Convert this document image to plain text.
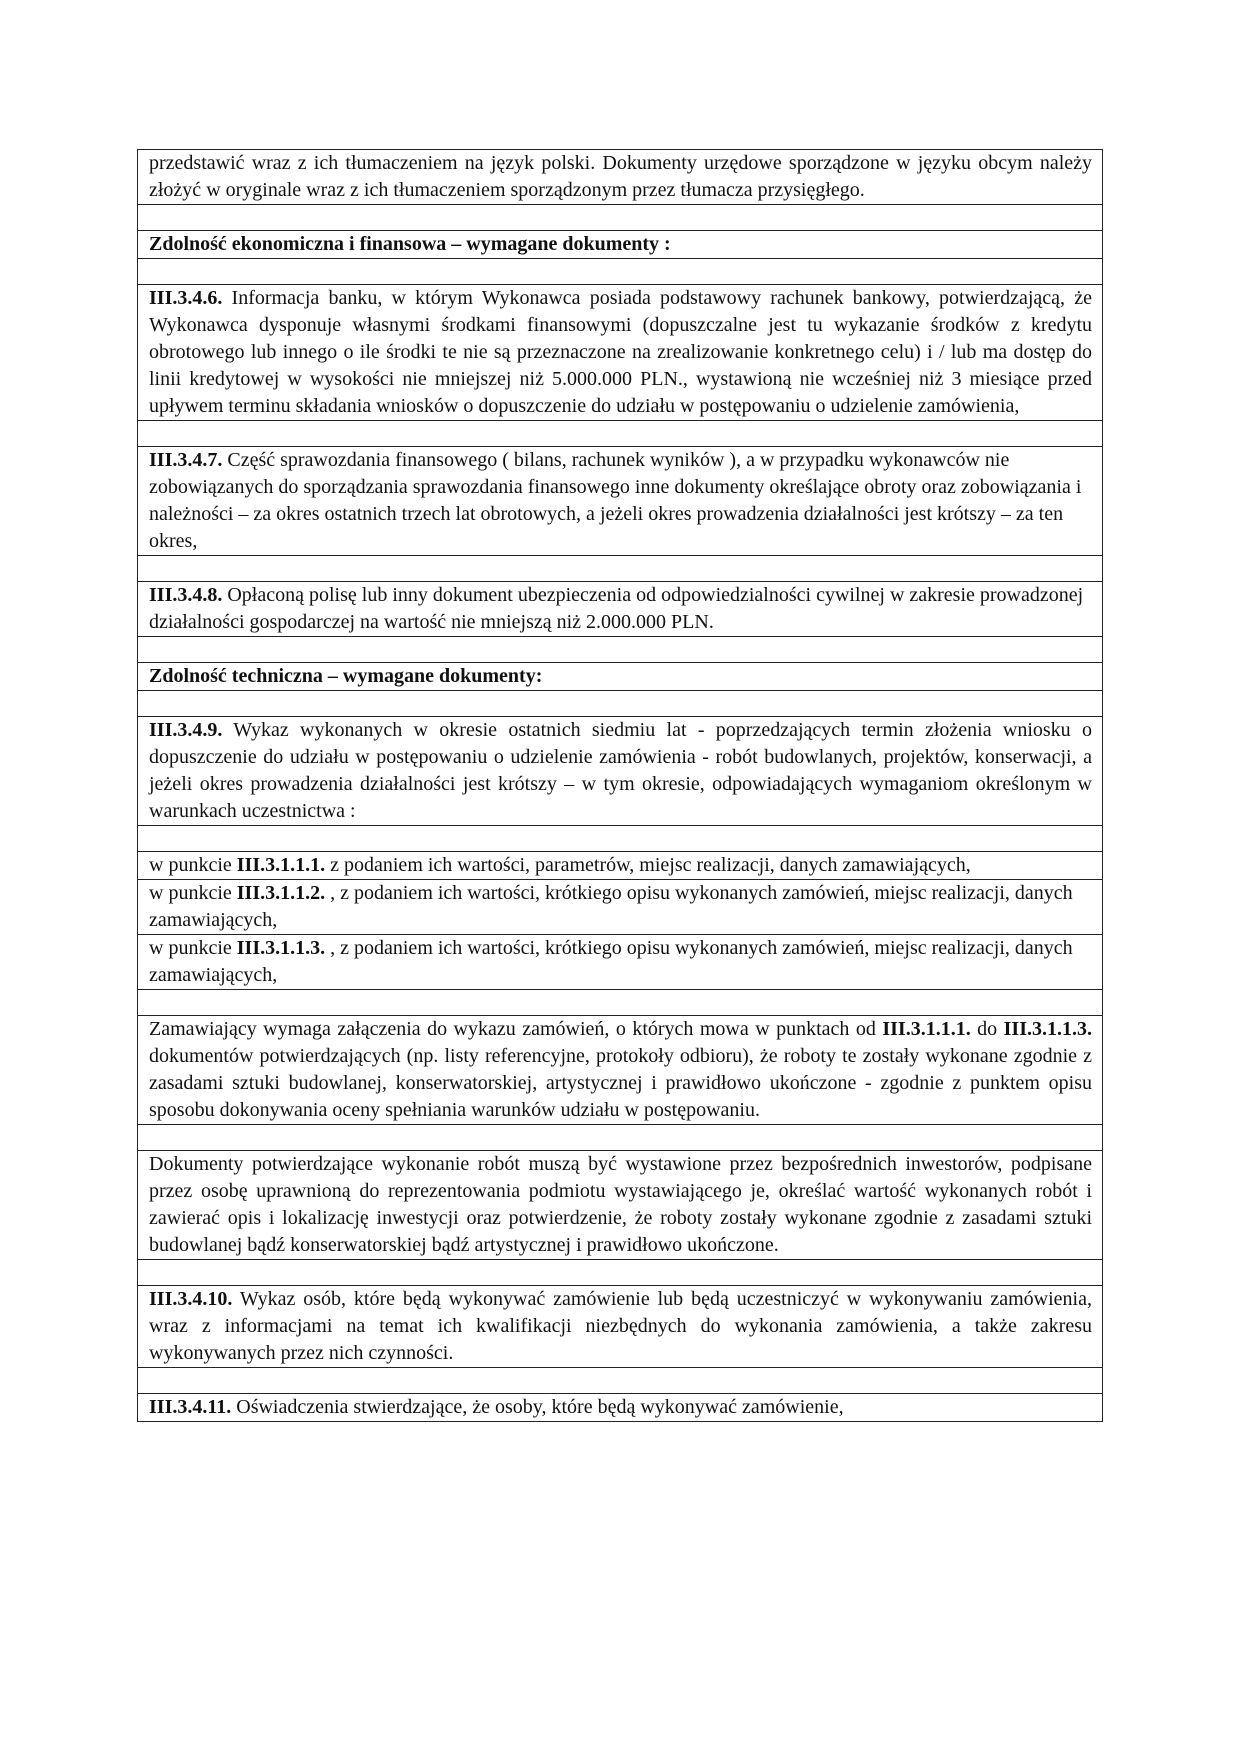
przedstawić wraz z ich tłumaczeniem na język polski. Dokumenty urzędowe sporządzone w języku obcym należy złożyć w oryginale wraz z ich tłumaczeniem sporządzonym przez tłumacza przysięgłego.

Zdolność ekonomiczna i finansowa – wymagane dokumenty :

III.3.4.6. Informacja banku, w którym Wykonawca posiada podstawowy rachunek bankowy, potwierdzającą, że Wykonawca dysponuje własnymi środkami finansowymi (dopuszczalne jest tu wykazanie środków z kredytu obrotowego lub innego o ile środki te nie są przeznaczone na zrealizowanie konkretnego celu) i / lub ma dostęp do linii kredytowej w wysokości nie mniejszej niż 5.000.000 PLN., wystawioną nie wcześniej niż 3 miesiące przed upływem terminu składania wniosków o dopuszczenie do udziału w postępowaniu o udzielenie zamówienia,

III.3.4.7. Część sprawozdania finansowego ( bilans, rachunek wyników ), a w przypadku wykonawców nie zobowiązanych do sporządzania sprawozdania finansowego inne dokumenty określające obroty oraz zobowiązania i należności – za okres ostatnich trzech lat obrotowych, a jeżeli okres prowadzenia działalności jest krótszy – za ten okres,

III.3.4.8. Opłaconą polisę lub inny dokument ubezpieczenia od odpowiedzialności cywilnej w zakresie prowadzonej działalności gospodarczej na wartość nie mniejszą niż 2.000.000 PLN.

Zdolność techniczna – wymagane dokumenty:

III.3.4.9. Wykaz wykonanych w okresie ostatnich siedmiu lat - poprzedzających termin złożenia wniosku o dopuszczenie do udziału w postępowaniu o udzielenie zamówienia - robót budowlanych, projektów, konserwacji, a jeżeli okres prowadzenia działalności jest krótszy – w tym okresie, odpowiadających wymaganiom określonym w warunkach uczestnictwa :

w punkcie III.3.1.1.1. z podaniem ich wartości, parametrów, miejsc realizacji, danych zamawiających,
w punkcie III.3.1.1.2. , z podaniem ich wartości, krótkiego opisu wykonanych zamówień, miejsc realizacji, danych zamawiających,
w punkcie III.3.1.1.3. , z podaniem ich wartości, krótkiego opisu wykonanych zamówień, miejsc realizacji, danych zamawiających,

Zamawiający wymaga załączenia do wykazu zamówień, o których mowa w punktach od III.3.1.1.1. do III.3.1.1.3. dokumentów potwierdzających (np. listy referencyjne, protokoły odbioru), że roboty te zostały wykonane zgodnie z zasadami sztuki budowlanej, konserwatorskiej, artystycznej i prawidłowo ukończone - zgodnie z punktem opisu sposobu dokonywania oceny spełniania warunków udziału w postępowaniu.

Dokumenty potwierdzające wykonanie robót muszą być wystawione przez bezpośrednich inwestorów, podpisane przez osobę uprawnioną do reprezentowania podmiotu wystawiającego je, określać wartość wykonanych robót i zawierać opis i lokalizację inwestycji oraz potwierdzenie, że roboty zostały wykonane zgodnie z zasadami sztuki budowlanej bądź konserwatorskiej bądź artystycznej i prawidłowo ukończone.

III.3.4.10. Wykaz osób, które będą wykonywać zamówienie lub będą uczestniczyć w wykonywaniu zamówienia, wraz z informacjami na temat ich kwalifikacji niezbędnych do wykonania zamówienia, a także zakresu wykonywanych przez nich czynności.

III.3.4.11. Oświadczenia stwierdzające, że osoby, które będą wykonywać zamówienie,
